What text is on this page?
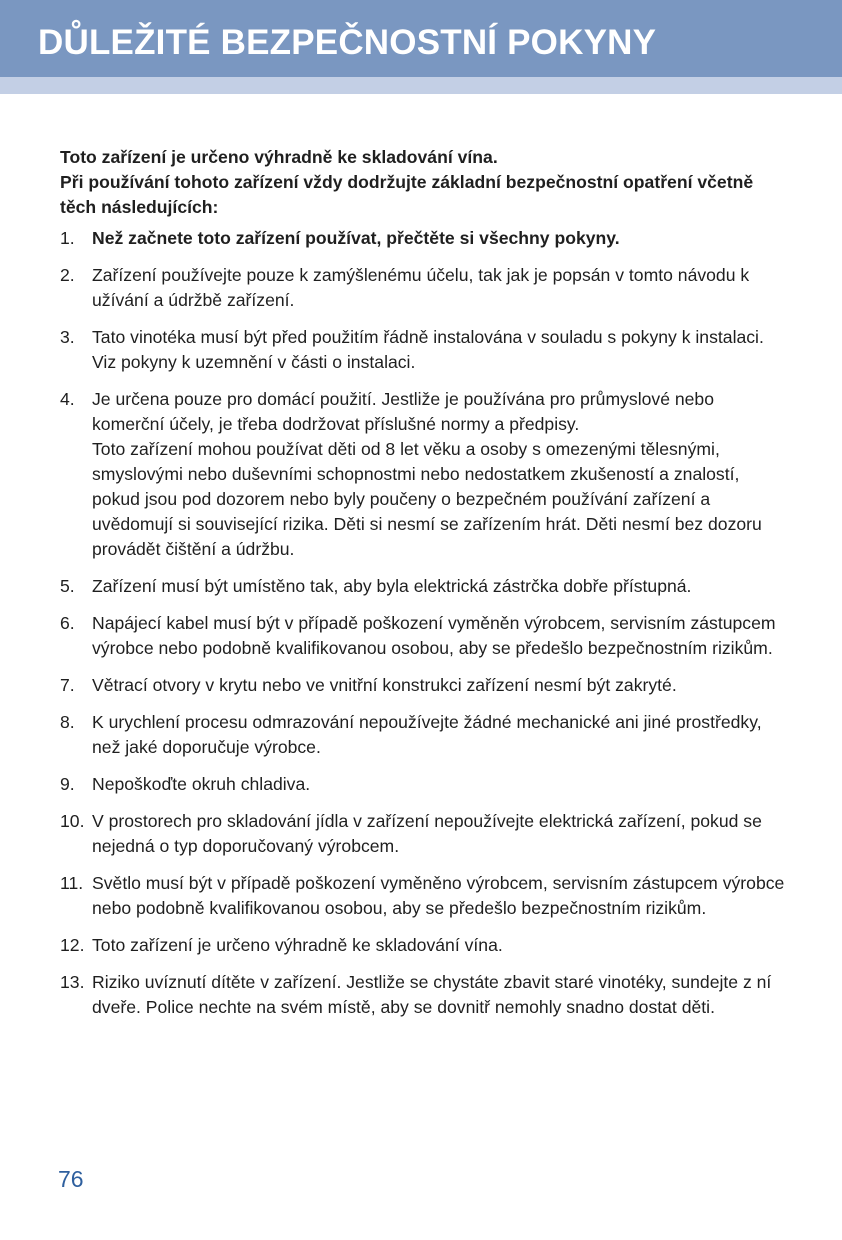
DŮLEŽITÉ BEZPEČNOSTNÍ POKYNY

Toto zařízení je určeno výhradně ke skladování vína.

Při používání tohoto zařízení vždy dodržujte základní bezpečnostní opatření včetně těch následujících:

1. Než začnete toto zařízení používat, přečtěte si všechny pokyny.

2. Zařízení používejte pouze k zamýšlenému účelu, tak jak je popsán v tomto návodu k užívání a údržbě zařízení.

3. Tato vinotéka musí být před použitím řádně instalována v souladu s pokyny k instalaci. Viz pokyny k uzemnění v části o instalaci.

4. Je určena pouze pro domácí použití. Jestliže je používána pro průmyslové nebo komerční účely, je třeba dodržovat příslušné normy a předpisy.

Toto zařízení mohou používat děti od 8 let věku a osoby s omezenými tělesnými, smyslovými nebo duševními schopnostmi nebo nedostatkem zkušeností a znalostí, pokud jsou pod dozorem nebo byly poučeny o bezpečném používání zařízení a uvědomují si související rizika. Děti si nesmí se zařízením hrát. Děti nesmí bez dozoru provádět čištění a údržbu.

5. Zařízení musí být umístěno tak, aby byla elektrická zástrčka dobře přístupná.

6. Napájecí kabel musí být v případě poškození vyměněn výrobcem, servisním zástupcem výrobce nebo podobně kvalifikovanou osobou, aby se předešlo bezpečnostním rizikům.

7. Větrací otvory v krytu nebo ve vnitřní konstrukci zařízení nesmí být zakryté.

8. K urychlení procesu odmrazování nepoužívejte žádné mechanické ani jiné prostředky, než jaké doporučuje výrobce.

9. Nepoškoďte okruh chladiva.

10. V prostorech pro skladování jídla v zařízení nepoužívejte elektrická zařízení, pokud se nejedná o typ doporučovaný výrobcem.

11. Světlo musí být v případě poškození vyměněno výrobcem, servisním zástupcem výrobce nebo podobně kvalifikovanou osobou, aby se předešlo bezpečnostním rizikům.

12. Toto zařízení je určeno výhradně ke skladování vína.

13. Riziko uvíznutí dítěte v zařízení. Jestliže se chystáte zbavit staré vinotéky, sundejte z ní dveře. Police nechte na svém místě, aby se dovnitř nemohly snadno dostat děti.

76
